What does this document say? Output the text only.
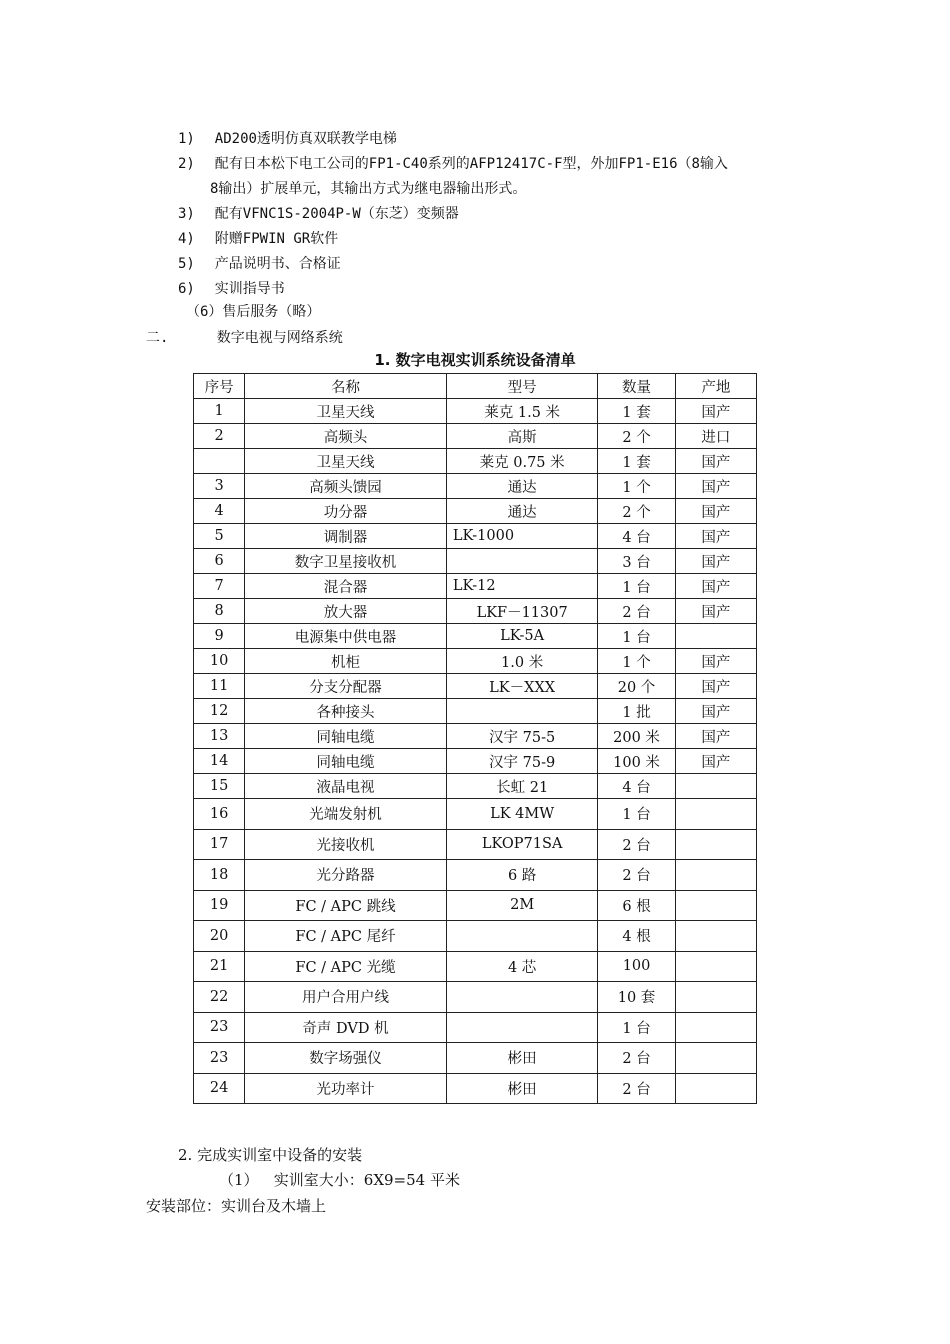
1) AD200透明仿真双联教学电梯
2) 配有日本松下电工公司的FP1-C40系列的AFP12417C-F型，外加FP1-E16（8输入
8输出）扩展单元，其输出方式为继电器输出形式。
3) 配有VFNC1S-2004P-W（东芝）变频器
4) 附赠FPWIN GR软件
5) 产品说明书、合格证
6) 实训指导书
（6）售后服务（略）
二.	数字电视与网络系统
1. 数字电视实训系统设备清单
序号	名称	型号	数量	产地
1	卫星天线	莱克 1.5 米	1 套	国产
2	高频头	高斯	2 个	进口
	卫星天线	莱克 0.75 米	1 套	国产
3	高频头馈园	通达	1 个	国产
4	功分器	通达	2 个	国产
5	调制器	LK-1000	4 台	国产
6	数字卫星接收机		3 台	国产
7	混合器	LK-12	1 台	国产
8	放大器	LKF－11307	2 台	国产
9	电源集中供电器	LK-5A	1 台	
10	机柜	1.0 米	1 个	国产
11	分支分配器	LK－XXX	20 个	国产
12	各种接头		1 批	国产
13	同轴电缆	汉宇 75-5	200 米	国产
14	同轴电缆	汉宇 75-9	100 米	国产
15	液晶电视	长虹 21	4 台	
16	光端发射机	LK 4MW	1 台	
17	光接收机	LKOP71SA	2 台	
18	光分路器	6 路	2 台	
19	FC / APC 跳线	2M	6 根	
20	FC / APC 尾纤		4 根	
21	FC / APC 光缆	4 芯	100	
22	用户合用户线		10 套	
23	奇声 DVD 机		1 台	
23	数字场强仪	彬田	2 台	
24	光功率计	彬田	2 台	
2. 完成实训室中设备的安装
（1） 实训室大小：6X9=54 平米
安装部位：实训台及木墙上
